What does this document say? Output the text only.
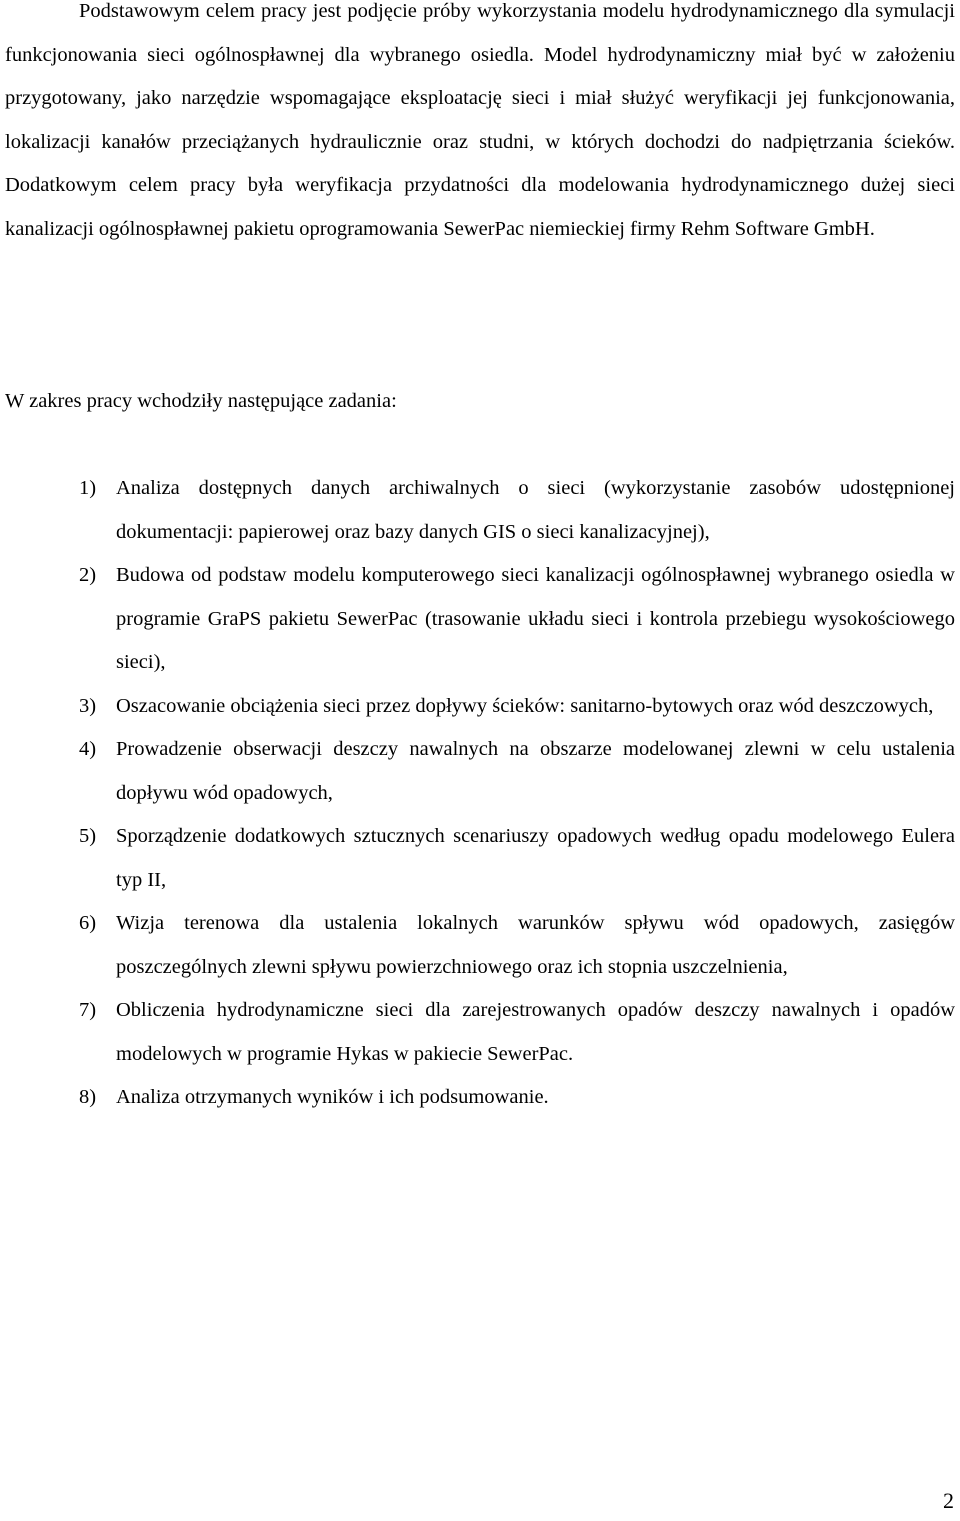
Podstawowym celem pracy jest podjęcie próby wykorzystania modelu hydrodynamicznego dla symulacji funkcjonowania sieci ogólnospławnej dla wybranego osiedla. Model hydrodynamiczny miał być w założeniu przygotowany, jako narzędzie wspomagające eksploatację sieci i miał służyć weryfikacji jej funkcjonowania, lokalizacji kanałów przeciążanych hydraulicznie oraz studni, w których dochodzi do nadpiętrzania ścieków. Dodatkowym celem pracy była weryfikacja przydatności dla modelowania hydrodynamicznego dużej sieci kanalizacji ogólnospławnej pakietu oprogramowania SewerPac niemieckiej firmy Rehm Software GmbH.

W zakres pracy wchodziły następujące zadania:

1) Analiza dostępnych danych archiwalnych o sieci (wykorzystanie zasobów udostępnionej dokumentacji: papierowej oraz bazy danych GIS o sieci kanalizacyjnej),
2) Budowa od podstaw modelu komputerowego sieci kanalizacji ogólnospławnej wybranego osiedla w programie GraPS pakietu SewerPac (trasowanie układu sieci i kontrola przebiegu wysokościowego sieci),
3) Oszacowanie obciążenia sieci przez dopływy ścieków: sanitarno-bytowych oraz wód deszczowych,
4) Prowadzenie obserwacji deszczy nawalnych na obszarze modelowanej zlewni w celu ustalenia dopływu wód opadowych,
5) Sporządzenie dodatkowych sztucznych scenariuszy opadowych według opadu modelowego Eulera typ II,
6) Wizja terenowa dla ustalenia lokalnych warunków spływu wód opadowych, zasięgów poszczególnych zlewni spływu powierzchniowego oraz ich stopnia uszczelnienia,
7) Obliczenia hydrodynamiczne sieci dla zarejestrowanych opadów deszczy nawalnych i opadów modelowych w programie Hykas w pakiecie SewerPac.
8) Analiza otrzymanych wyników i ich podsumowanie.
2
